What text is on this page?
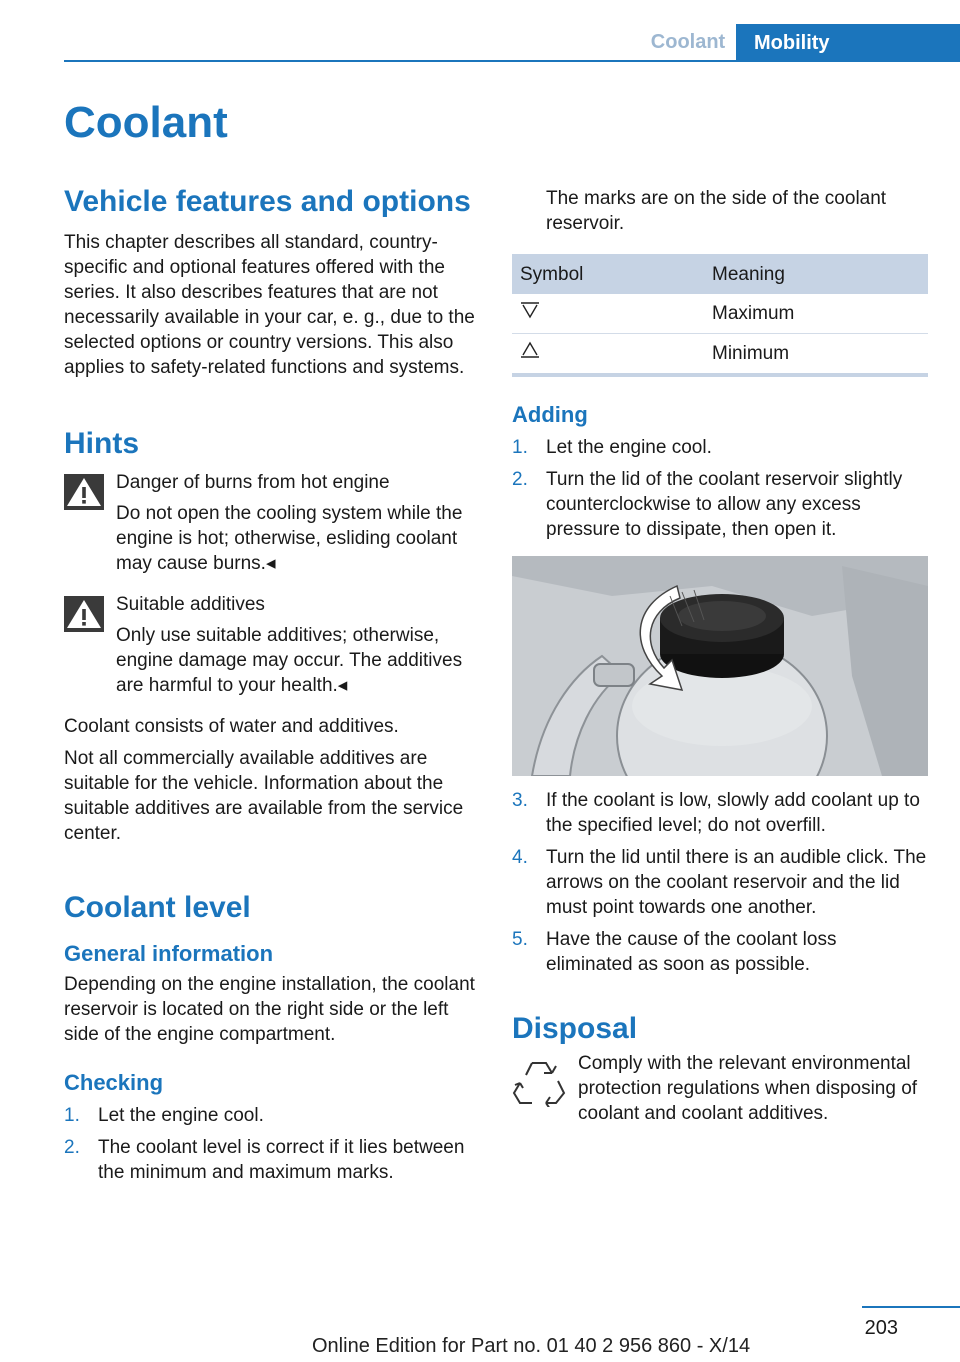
Coolant	Mobility
Coolant
Vehicle features and options

This chapter describes all standard, country-specific and optional features offered with the series. It also describes features that are not necessarily available in your car, e. g., due to the selected options or country versions. This also applies to safety-related functions and systems.

Hints

Danger of burns from hot engine

Do not open the cooling system while the engine is hot; otherwise, esliding coolant may cause burns.◂

Suitable additives

Only use suitable additives; otherwise, engine damage may occur. The additives are harmful to your health.◂

Coolant consists of water and additives.

Not all commercially available additives are suitable for the vehicle. Information about the suitable additives are available from the service center.

Coolant level
General information

Depending on the engine installation, the coolant reservoir is located on the right side or the left side of the engine compartment.

Checking
1. Let the engine cool.
2. The coolant level is correct if it lies between the minimum and maximum marks.

The marks are on the side of the coolant reservoir.

Symbol	Meaning
	Maximum
	Minimum
Adding
1. Let the engine cool.
2. Turn the lid of the coolant reservoir slightly counterclockwise to allow any excess pressure to dissipate, then open it.
3. If the coolant is low, slowly add coolant up to the specified level; do not overfill.
4. Turn the lid until there is an audible click. The arrows on the coolant reservoir and the lid must point towards one another.
5. Have the cause of the coolant loss eliminated as soon as possible.
Disposal

Comply with the relevant environmental protection regulations when disposing of coolant and coolant additives.

203
Online Edition for Part no. 01 40 2 956 860 - X/14
